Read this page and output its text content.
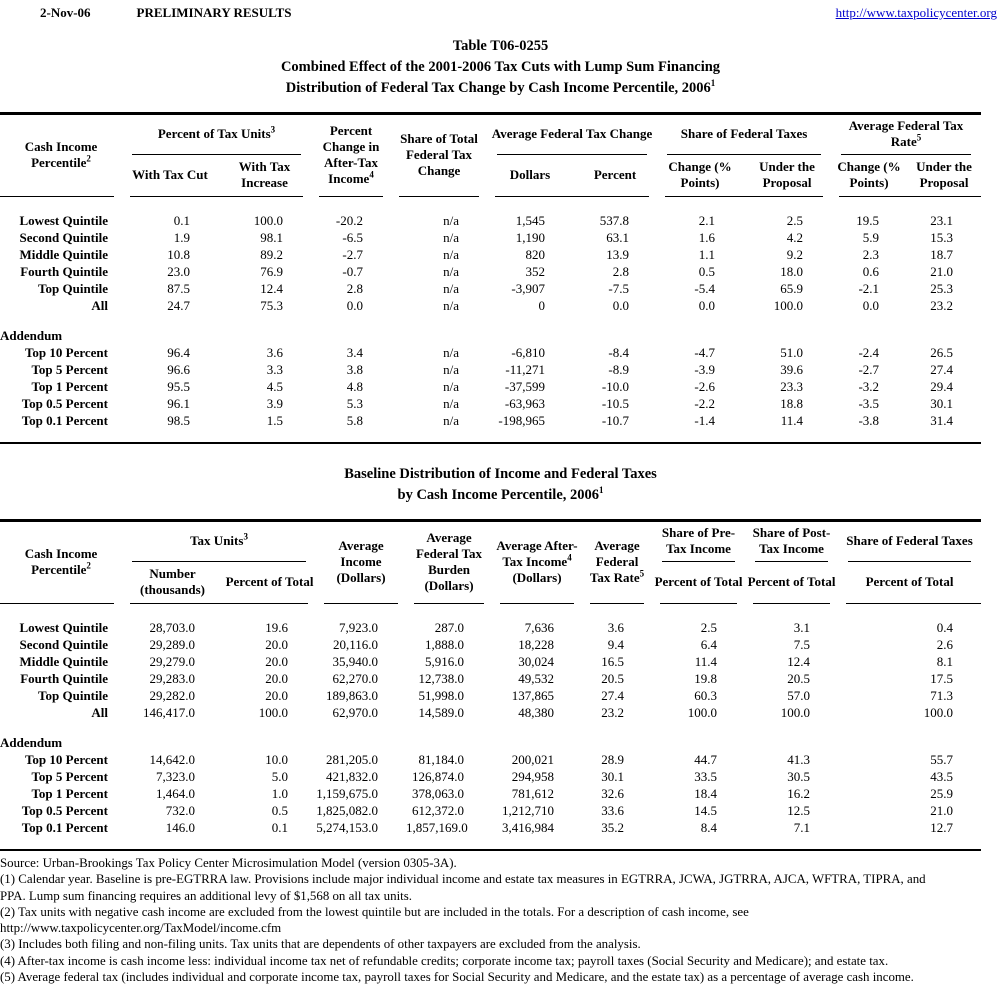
2-Nov-06	PRELIMINARY RESULTS	http://www.taxpolicycenter.org
Table T06-0255
Combined Effect of the 2001-2006 Tax Cuts with Lump Sum Financing
Distribution of Federal Tax Change by Cash Income Percentile, 2006$^1$
Cash Income Percentile$^2$	Percent of Tax Units$^3$		Percent Change in After-Tax Income$^4$	Share of Total Federal Tax Change	Average Federal Tax Change		Share of Federal Taxes		Average Federal Tax Rate$^5$
	With Tax Cut	With Tax Increase			Dollars	Percent	Change (% Points)	Under the Proposal	Change (% Points)	Under the Proposal

Lowest Quintile	0.1	100.0	-20.2	n/a	1,545	537.8	2.1	2.5	19.5	23.1
Second Quintile	1.9	98.1	-6.5	n/a	1,190	63.1	1.6	4.2	5.9	15.3
Middle Quintile	10.8	89.2	-2.7	n/a	820	13.9	1.1	9.2	2.3	18.7
Fourth Quintile	23.0	76.9	-0.7	n/a	352	2.8	0.5	18.0	0.6	21.0
Top Quintile	87.5	12.4	2.8	n/a	-3,907	-7.5	-5.4	65.9	-2.1	25.3
All	24.7	75.3	0.0	n/a	0	0.0	0.0	100.0	0.0	23.2

Addendum										
Top 10 Percent	96.4	3.6	3.4	n/a	-6,810	-8.4	-4.7	51.0	-2.4	26.5
Top 5 Percent	96.6	3.3	3.8	n/a	-11,271	-8.9	-3.9	39.6	-2.7	27.4
Top 1 Percent	95.5	4.5	4.8	n/a	-37,599	-10.0	-2.6	23.3	-3.2	29.4
Top 0.5 Percent	96.1	3.9	5.3	n/a	-63,963	-10.5	-2.2	18.8	-3.5	30.1
Top 0.1 Percent	98.5	1.5	5.8	n/a	-198,965	-10.7	-1.4	11.4	-3.8	31.4

Baseline Distribution of Income and Federal Taxes
by Cash Income Percentile, 2006$^1$
Cash Income Percentile$^2$	Tax Units$^3$		Average Income (Dollars)	Average Federal Tax Burden (Dollars)	Average After-Tax Income$^4$ (Dollars)	Average Federal Tax Rate$^5$	Share of Pre-Tax Income	Share of Post-Tax Income	Share of Federal Taxes
	Number (thousands)	Percent of Total					Percent of Total	Percent of Total	Percent of Total

Lowest Quintile	28,703.0	19.6	7,923.0	287.0	7,636	3.6	2.5	3.1	0.4
Second Quintile	29,289.0	20.0	20,116.0	1,888.0	18,228	9.4	6.4	7.5	2.6
Middle Quintile	29,279.0	20.0	35,940.0	5,916.0	30,024	16.5	11.4	12.4	8.1
Fourth Quintile	29,283.0	20.0	62,270.0	12,738.0	49,532	20.5	19.8	20.5	17.5
Top Quintile	29,282.0	20.0	189,863.0	51,998.0	137,865	27.4	60.3	57.0	71.3
All	146,417.0	100.0	62,970.0	14,589.0	48,380	23.2	100.0	100.0	100.0

Addendum									
Top 10 Percent	14,642.0	10.0	281,205.0	81,184.0	200,021	28.9	44.7	41.3	55.7
Top 5 Percent	7,323.0	5.0	421,832.0	126,874.0	294,958	30.1	33.5	30.5	43.5
Top 1 Percent	1,464.0	1.0	1,159,675.0	378,063.0	781,612	32.6	18.4	16.2	25.9
Top 0.5 Percent	732.0	0.5	1,825,082.0	612,372.0	1,212,710	33.6	14.5	12.5	21.0
Top 0.1 Percent	146.0	0.1	5,274,153.0	1,857,169.0	3,416,984	35.2	8.4	7.1	12.7

Source: Urban-Brookings Tax Policy Center Microsimulation Model (version 0305-3A).
(1) Calendar year. Baseline is pre-EGTRRA law. Provisions include major individual income and estate tax measures in EGTRRA, JCWA, JGTRRA, AJCA, WFTRA, TIPRA, and
PPA. Lump sum financing requires an additional levy of $1,568 on all tax units.
(2) Tax units with negative cash income are excluded from the lowest quintile but are included in the totals. For a description of cash income, see
http://www.taxpolicycenter.org/TaxModel/income.cfm
(3) Includes both filing and non-filing units. Tax units that are dependents of other taxpayers are excluded from the analysis.
(4) After-tax income is cash income less: individual income tax net of refundable credits; corporate income tax; payroll taxes (Social Security and Medicare); and estate tax.
(5) Average federal tax (includes individual and corporate income tax, payroll taxes for Social Security and Medicare, and the estate tax) as a percentage of average cash income.
